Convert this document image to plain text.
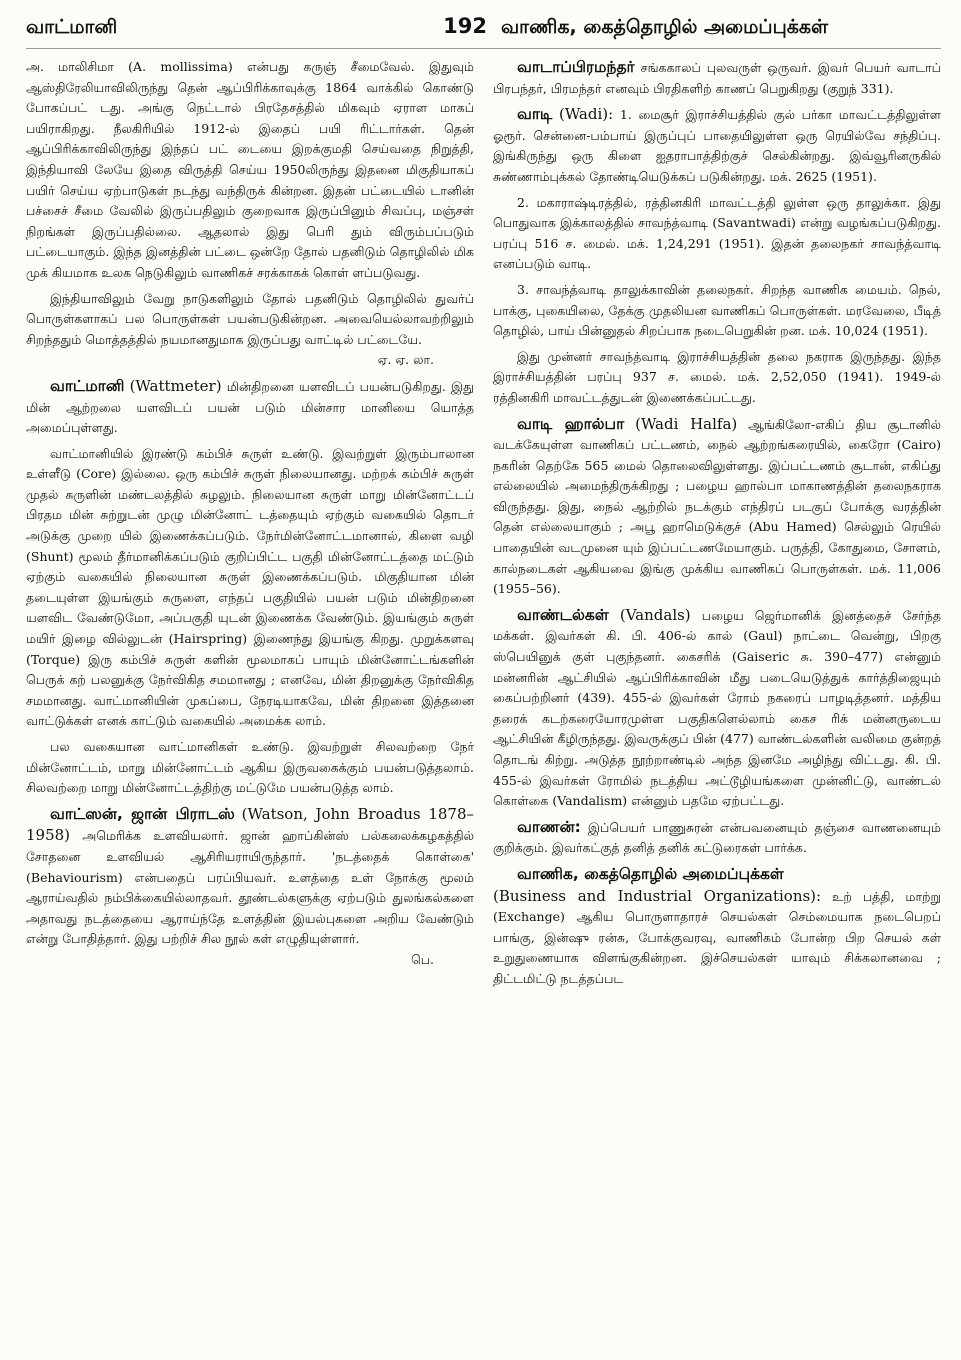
வாட்மானி	192 வாணிக, கைத்தொழில் அமைப்புக்கள்

அ. மாலிசிமா (A. mollissima) என்பது கருஞ் சீமைவேல். இதுவும் ஆஸ்திரேலியாவிலிருந்து தென் ஆப்பிரிக்காவுக்கு 1864 வாக்கில் கொண்டு போகப்பட் டது. அங்கு நெட்டால் பிரதேசத்தில் மிகவும் ஏராள மாகப் பயிராகிறது. நீலகிரியில் 1912-ல் இதைப் பயி ரிட்டார்கள். தென் ஆப்பிரிக்காவிலிருந்து இந்தப் பட் டையை இறக்குமதி செய்வதை நிறுத்தி, இந்தியாவி லேயே இதை விருத்தி செய்ய 1950லிருந்து இதனை மிகுதியாகப் பயிர் செய்ய ஏற்பாடுகள் நடந்து வந்திருக் கின்றன. இதன் பட்டையில் டானின் பச்சைச் சீமை வேலில் இருப்பதிலும் குறைவாக இருப்பினும் சிவப்பு, மஞ்சள் நிறங்கள் இருப்பதில்லை. ஆதலால் இது பெரி தும் விரும்பப்படும் பட்டையாகும். இந்த இனத்தின் பட்டை ஒன்றே தோல் பதனிடும் தொழிலில் மிக முக் கியமாக உலக நெடுகிலும் வாணிகச் சரக்காகக் கொள் ளப்படுவது.

இந்தியாவிலும் வேறு நாடுகளிலும் தோல் பதனிடும் தொழிலில் துவர்ப் பொருள்களாகப் பல பொருள்கள் பயன்படுகின்றன. அவையெல்லாவற்றிலும் சிறந்ததும் மொத்தத்தில் நயமானதுமாக இருப்பது வாட்டில் பட்டையே.
ஏ. ஏ. லா.

வாட்மானி (Wattmeter) மின்திறனை யளவிடப் பயன்படுகிறது. இது மின் ஆற்றலை யளவிடப் பயன் படும் மின்சார மானியை யொத்த அமைப்புள்ளது.

வாட்மானியில் இரண்டு கம்பிச் சுருள் உண்டு. இவற்றுள் இரும்பாலான உள்ளீடு (Core) இல்லை. ஒரு கம்பிச் சுருள் நிலையானது. மற்றக் கம்பிச் சுருள் முதல் சுருளின் மண்டலத்தில் சுழலும். நிலையான சுருள் மாறு மின்னோட்டப் பிரதம மின் சுற்றுடன் முழு மின்னோட் டத்தையும் ஏற்கும் வகையில் தொடர் அடுக்கு முறை யில் இணைக்கப்படும். நேர்மின்னோட்டமானால், கிளை வழி (Shunt) மூலம் தீர்மானிக்கப்படும் குறிப்பிட்ட பகுதி மின்னோட்டத்தை மட்டும் ஏற்கும் வகையில் நிலையான சுருள் இணைக்கப்படும். மிகுதியான மின் தடையுள்ள இயங்கும் சுருளை, எந்தப் பகுதியில் பயன் படும் மின்திறனை யளவிட வேண்டுமோ, அப்பகுதி யுடன் இணைக்க வேண்டும். இயங்கும் சுருள் மயிர் இழை வில்லுடன் (Hairspring) இணைந்து இயங்கு கிறது. முறுக்களவு (Torque) இரு கம்பிச் சுருள் களின் மூலமாகப் பாயும் மின்னோட்டங்களின் பெருக் கற் பலனுக்கு நேர்விகித சமமானது ; எனவே, மின் திறனுக்கு நேர்விகித சமமானது. வாட்மானியின் முகப்பை, நேரடியாகவே, மின் திறனை இத்தனை வாட்டுக்கள் எனக் காட்டும் வகையில் அமைக்க லாம்.

பல வகையான வாட்மானிகள் உண்டு. இவற்றுள் சிலவற்றை நேர் மின்னோட்டம், மாறு மின்னோட்டம் ஆகிய இருவகைக்கும் பயன்படுத்தலாம். சிலவற்றை மாறு மின்னோட்டத்திற்கு மட்டுமே பயன்படுத்த லாம்.

வாட்ஸன், ஜான் பிராடஸ் (Watson, John Broadus 1878–1958) அமெரிக்க உளவியலார். ஜான் ஹாப்கின்ஸ் பல்கலைக்கழகத்தில் சோதனை உளவியல் ஆசிரியராயிருந்தார். 'நடத்தைக் கொள்கை' (Behaviourism) என்பதைப் பரப்பியவர். உளத்தை உள் நோக்கு மூலம் ஆராய்வதில் நம்பிக்கையில்லாதவர். தூண்டல்களுக்கு ஏற்படும் துலங்கல்களை அதாவது நடத்தையை ஆராய்ந்தே உளத்தின் இயல்புகளை அறிய வேண்டும் என்று போதித்தார். இது பற்றிச் சில நூல் கள் எழுதியுள்ளார்.
பெ.

வாடாப்பிரமந்தர் சங்ககாலப் புலவருள் ஒருவர். இவர் பெயர் வாடாப் பிரபந்தர், பிரமந்தர் எனவும் பிரதிகளிற் காணப் பெறுகிறது (குறுந் 331).

வாடி (Wadi): 1. மைசூர் இராச்சியத்தில் குல் பர்கா மாவட்டத்திலுள்ள ஓரூர். சென்னை-பம்பாய் இருப்புப் பாதையிலுள்ள ஒரு ரெயில்வே சந்திப்பு. இங்கிருந்து ஒரு கிளை ஐதராபாத்திற்குச் செல்கின்றது. இவ்வூரினருகில் சுண்ணாம்புக்கல் தோண்டியெடுக்கப் படுகின்றது. மக். 2625 (1951).

2. மகாராஷ்டிரத்தில், ரத்தினகிரி மாவட்டத்தி லுள்ள ஒரு தாலுக்கா. இது பொதுவாக இக்காலத்தில் சாவந்த்வாடி (Savantwadi) என்று வழங்கப்படுகிறது. பரப்பு 516 ச. மைல். மக். 1,24,291 (1951). இதன் தலைநகர் சாவந்த்வாடி எனப்படும் வாடி.

3. சாவந்த்வாடி தாலுக்காவின் தலைநகர். சிறந்த வாணிக மையம். நெல், பாக்கு, புகையிலை, தேக்கு முதலியன வாணிகப் பொருள்கள். மரவேலை, பீடித் தொழில், பாய் பின்னுதல் சிறப்பாக நடைபெறுகின் றன. மக். 10,024 (1951).

இது முன்னர் சாவந்த்வாடி இராச்சியத்தின் தலை நகராக இருந்தது. இந்த இராச்சியத்தின் பரப்பு 937 ச. மைல். மக். 2,52,050 (1941). 1949-ல் ரத்தினகிரி மாவட்டத்துடன் இணைக்கப்பட்டது.

வாடி ஹால்பா (Wadi Halfa) ஆங்கிலோ-எகிப் திய சூடானில் வடக்கேயுள்ள வாணிகப் பட்டணம், நைல் ஆற்றங்கரையில், கைரோ (Cairo) நகரின் தெற்கே 565 மைல் தொலைவிலுள்ளது. இப்பட்டணம் சூடான், எகிப்து எல்லையில் அமைந்திருக்கிறது ; பழைய ஹால்பா மாகாணத்தின் தலைநகராக விருந்தது. இது, நைல் ஆற்றில் நடக்கும் எந்திரப் படகுப் போக்கு வரத்தின் தென் எல்லையாகும் ; அபூ ஹாமெடுக்குச் (Abu Hamed) செல்லும் ரெயில் பாதையின் வடமுனை யும் இப்பட்டணமேயாகும். பருத்தி, கோதுமை, சோளம், கால்நடைகள் ஆகியவை இங்கு முக்கிய வாணிகப் பொருள்கள். மக். 11,006 (1955–56).

வாண்டல்கள் (Vandals) பழைய ஜெர்மானிக் இனத்தைச் சேர்ந்த மக்கள். இவர்கள் கி. பி. 406-ல் கால் (Gaul) நாட்டை வென்று, பிறகு ஸ்பெயினுக் குள் புகுந்தனர். கைசரிக் (Gaiseric சு. 390–477) என்னும் மன்னரின் ஆட்சியில் ஆப்பிரிக்காவின் மீது படையெடுத்துக் கார்த்திஜையும் கைப்பற்றினர் (439). 455-ல் இவர்கள் ரோம் நகரைப் பாழடித்தனர். மத்திய தரைக் கடற்கரையோரமுள்ள பகுதிகளெல்லாம் கைச ரிக் மன்னருடைய ஆட்சியின் கீழிருந்தது. இவருக்குப் பின் (477) வாண்டல்களின் வலிமை குன்றத் தொடங் கிற்று. அடுத்த நூற்றாண்டில் அந்த இனமே அழிந்து விட்டது. கி. பி. 455-ல் இவர்கள் ரோமில் நடத்திய அட்டூழியங்களை முன்னிட்டு, வாண்டல் கொள்கை (Vandalism) என்னும் பதமே ஏற்பட்டது.

வாணன்: இப்பெயர் பாணுசுரன் என்பவனையும் தஞ்சை வாணனையும் குறிக்கும். இவர்கட்குத் தனித் தனிக் கட்டுரைகள் பார்க்க.

வாணிக, கைத்தொழில் அமைப்புக்கள்
(Business and Industrial Organizations): உற் பத்தி, மாற்று (Exchange) ஆகிய பொருளாதாரச் செயல்கள் செம்மையாக நடைபெறப் பாங்கு, இன்ஷு ரன்சு, போக்குவரவு, வாணிகம் போன்ற பிற செயல் கள் உறுதுணையாக விளங்குகின்றன. இச்செயல்கள் யாவும் சிக்கலானவை ; திட்டமிட்டு நடத்தப்பட
